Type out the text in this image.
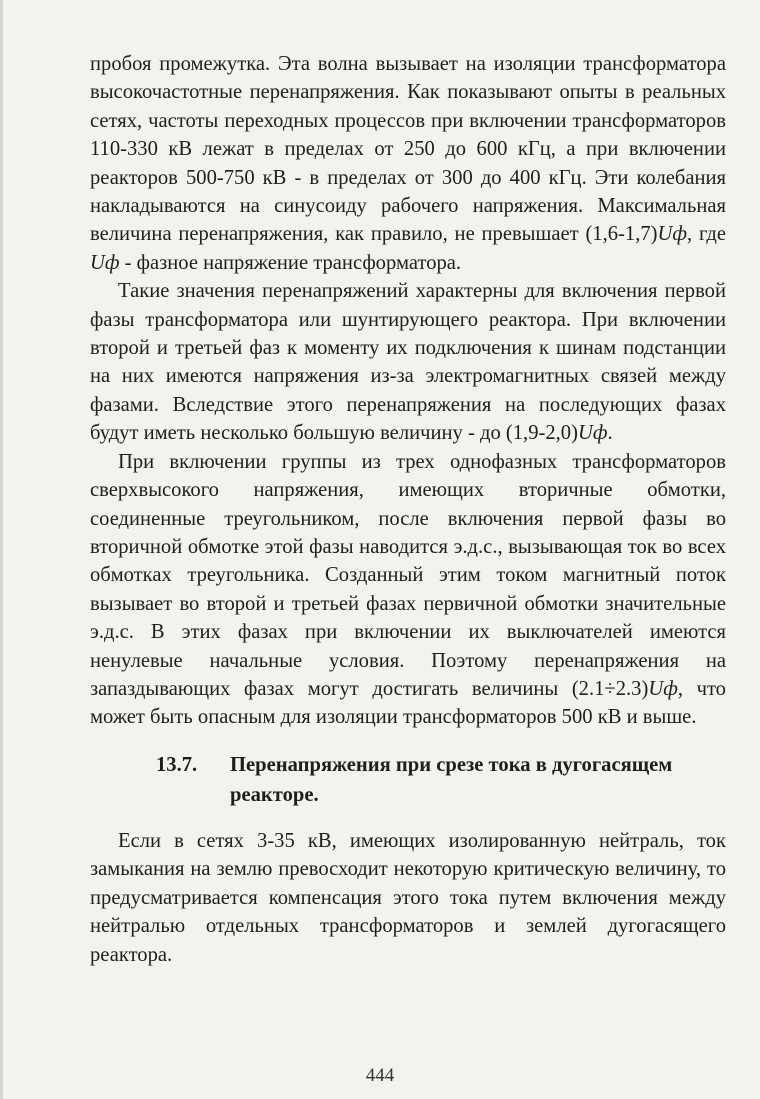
пробоя промежутка. Эта волна вызывает на изоляции трансформатора высокочастотные перенапряжения. Как показывают опыты в реальных сетях, частоты переходных процессов при включении трансформаторов 110-330 кВ лежат в пределах от 250 до 600 кГц, а при включении реакторов 500-750 кВ - в пределах от 300 до 400 кГц. Эти колебания накладываются на синусоиду рабочего напряжения. Максимальная величина перенапряжения, как правило, не превышает (1,6-1,7)Uф, где Uф - фазное напряжение трансформатора.

Такие значения перенапряжений характерны для включения первой фазы трансформатора или шунтирующего реактора. При включении второй и третьей фаз к моменту их подключения к шинам подстанции на них имеются напряжения из-за электромагнитных связей между фазами. Вследствие этого перенапряжения на последующих фазах будут иметь несколько большую величину - до (1,9-2,0)Uф.

При включении группы из трех однофазных трансформаторов сверхвысокого напряжения, имеющих вторичные обмотки, соединенные треугольником, после включения первой фазы во вторичной обмотке этой фазы наводится э.д.с., вызывающая ток во всех обмотках треугольника. Созданный этим током магнитный поток вызывает во второй и третьей фазах первичной обмотки значительные э.д.с. В этих фазах при включении их выключателей имеются ненулевые начальные условия. Поэтому перенапряжения на запаздывающих фазах могут достигать величины (2.1÷2.3)Uф, что может быть опасным для изоляции трансформаторов 500 кВ и выше.

13.7. Перенапряжения при срезе тока в дугогасящем реакторе.

Если в сетях 3-35 кВ, имеющих изолированную нейтраль, ток замыкания на землю превосходит некоторую критическую величину, то предусматривается компенсация этого тока путем включения между нейтралью отдельных трансформаторов и землей дугогасящего реактора.

444
